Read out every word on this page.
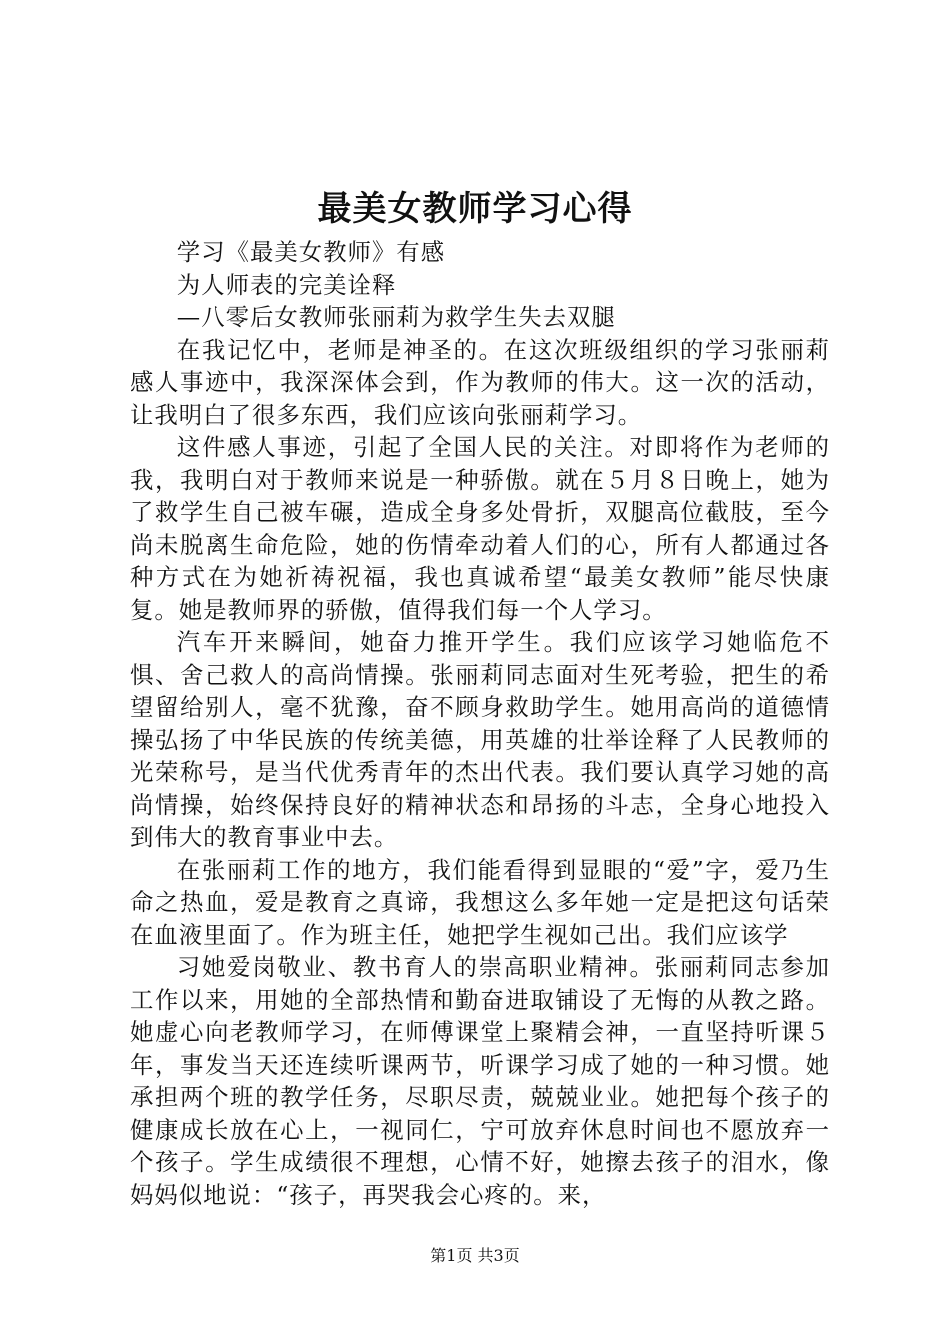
最美女教师学习心得

学习《最美女教师》有感

为人师表的完美诠释

—八零后女教师张丽莉为救学生失去双腿

在我记忆中，老师是神圣的。在这次班级组织的学习张丽莉感人事迹中，我深深体会到，作为教师的伟大。这一次的活动，让我明白了很多东西，我们应该向张丽莉学习。

这件感人事迹，引起了全国人民的关注。对即将作为老师的我，我明白对于教师来说是一种骄傲。就在５月８日晚上，她为了救学生自己被车碾，造成全身多处骨折，双腿高位截肢，至今尚未脱离生命危险，她的伤情牵动着人们的心，所有人都通过各种方式在为她祈祷祝福，我也真诚希望“最美女教师”能尽快康复。她是教师界的骄傲，值得我们每一个人学习。

汽车开来瞬间，她奋力推开学生。我们应该学习她临危不惧、舍己救人的高尚情操。张丽莉同志面对生死考验，把生的希望留给别人，毫不犹豫，奋不顾身救助学生。她用高尚的道德情操弘扬了中华民族的传统美德，用英雄的壮举诠释了人民教师的光荣称号，是当代优秀青年的杰出代表。我们要认真学习她的高尚情操，始终保持良好的精神状态和昂扬的斗志，全身心地投入到伟大的教育事业中去。

在张丽莉工作的地方，我们能看得到显眼的“爱”字，爱乃生命之热血，爱是教育之真谛，我想这么多年她一定是把这句话荣在血液里面了。作为班主任，她把学生视如己出。我们应该学

习她爱岗敬业、教书育人的崇高职业精神。张丽莉同志参加工作以来，用她的全部热情和勤奋进取铺设了无悔的从教之路。她虚心向老教师学习，在师傅课堂上聚精会神，一直坚持听课５年，事发当天还连续听课两节，听课学习成了她的一种习惯。她承担两个班的教学任务，尽职尽责，兢兢业业。她把每个孩子的健康成长放在心上，一视同仁，宁可放弃休息时间也不愿放弃一个孩子。学生成绩很不理想，心情不好，她擦去孩子的泪水，像妈妈似地说：“孩子，再哭我会心疼的。来，

第1页 共3页
